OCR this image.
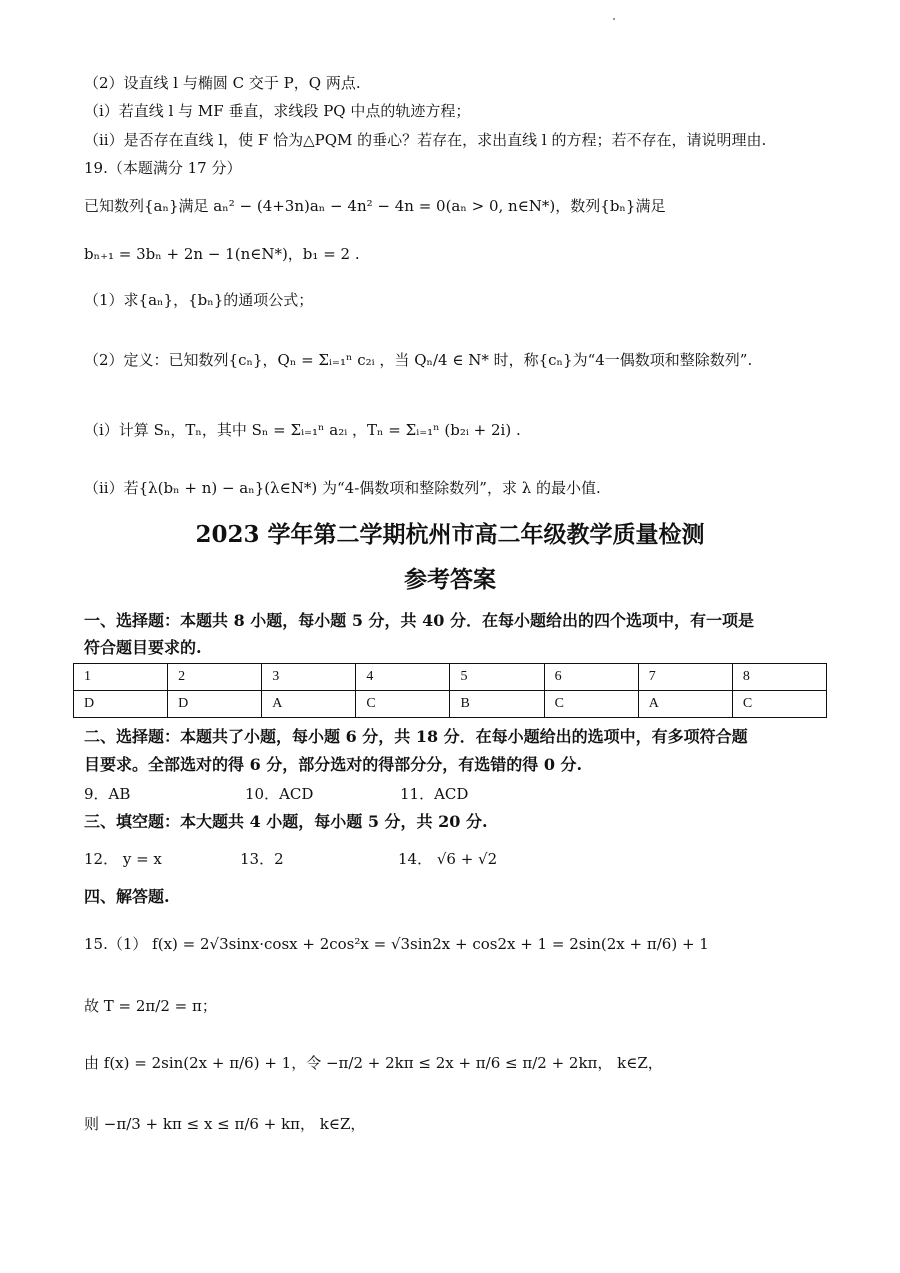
（2）设直线 l 与椭圆 C 交于 P，Q 两点.
（i）若直线 l 与 MF 垂直，求线段 PQ 中点的轨迹方程；
（ii）是否存在直线 l，使 F 恰为△PQM 的垂心？若存在，求出直线 l 的方程；若不存在，请说明理由.
19.（本题满分 17 分）
已知数列{aₙ}满足 aₙ² − (4+3n)aₙ − 4n² − 4n = 0(aₙ > 0, n∈N*)，数列{bₙ}满足
bₙ₊₁ = 3bₙ + 2n − 1(n∈N*)，b₁ = 2 .
（1）求{aₙ}，{bₙ}的通项公式；
（2）定义：已知数列{cₙ}，Qₙ = Σᵢ₌₁ⁿ c₂ᵢ ，当 Qₙ/4 ∈ N* 时，称{cₙ}为“4一偶数项和整除数列”.
（i）计算 Sₙ，Tₙ，其中 Sₙ = Σᵢ₌₁ⁿ a₂ᵢ ，Tₙ = Σᵢ₌₁ⁿ (b₂ᵢ + 2i) .
（ii）若{λ(bₙ + n) − aₙ}(λ∈N*) 为“4-偶数项和整除数列”，求 λ 的最小值.
2023 学年第二学期杭州市高二年级教学质量检测
参考答案
一、选择题：本题共 8 小题，每小题 5 分，共 40 分．在每小题给出的四个选项中，有一项是
符合题目要求的.
1	2	3	4	5	6	7	8
D	D	A	C	B	C	A	C
二、选择题：本题共了小题，每小题 6 分，共 18 分．在每小题给出的选项中，有多项符合题
目要求。全部选对的得 6 分，部分选对的得部分分，有选错的得 0 分.
9．AB	10．ACD	11．ACD
三、填空题：本大题共 4 小题，每小题 5 分，共 20 分.
12． y = x	13．2	14． √6 + √2
四、解答题.
15.（1） f(x) = 2√3sinx·cosx + 2cos²x = √3sin2x + cos2x + 1 = 2sin(2x + π/6) + 1
故 T = 2π/2 = π；
由 f(x) = 2sin(2x + π/6) + 1，令 −π/2 + 2kπ ≤ 2x + π/6 ≤ π/2 + 2kπ， k∈Z，
则 −π/3 + kπ ≤ x ≤ π/6 + kπ， k∈Z，
